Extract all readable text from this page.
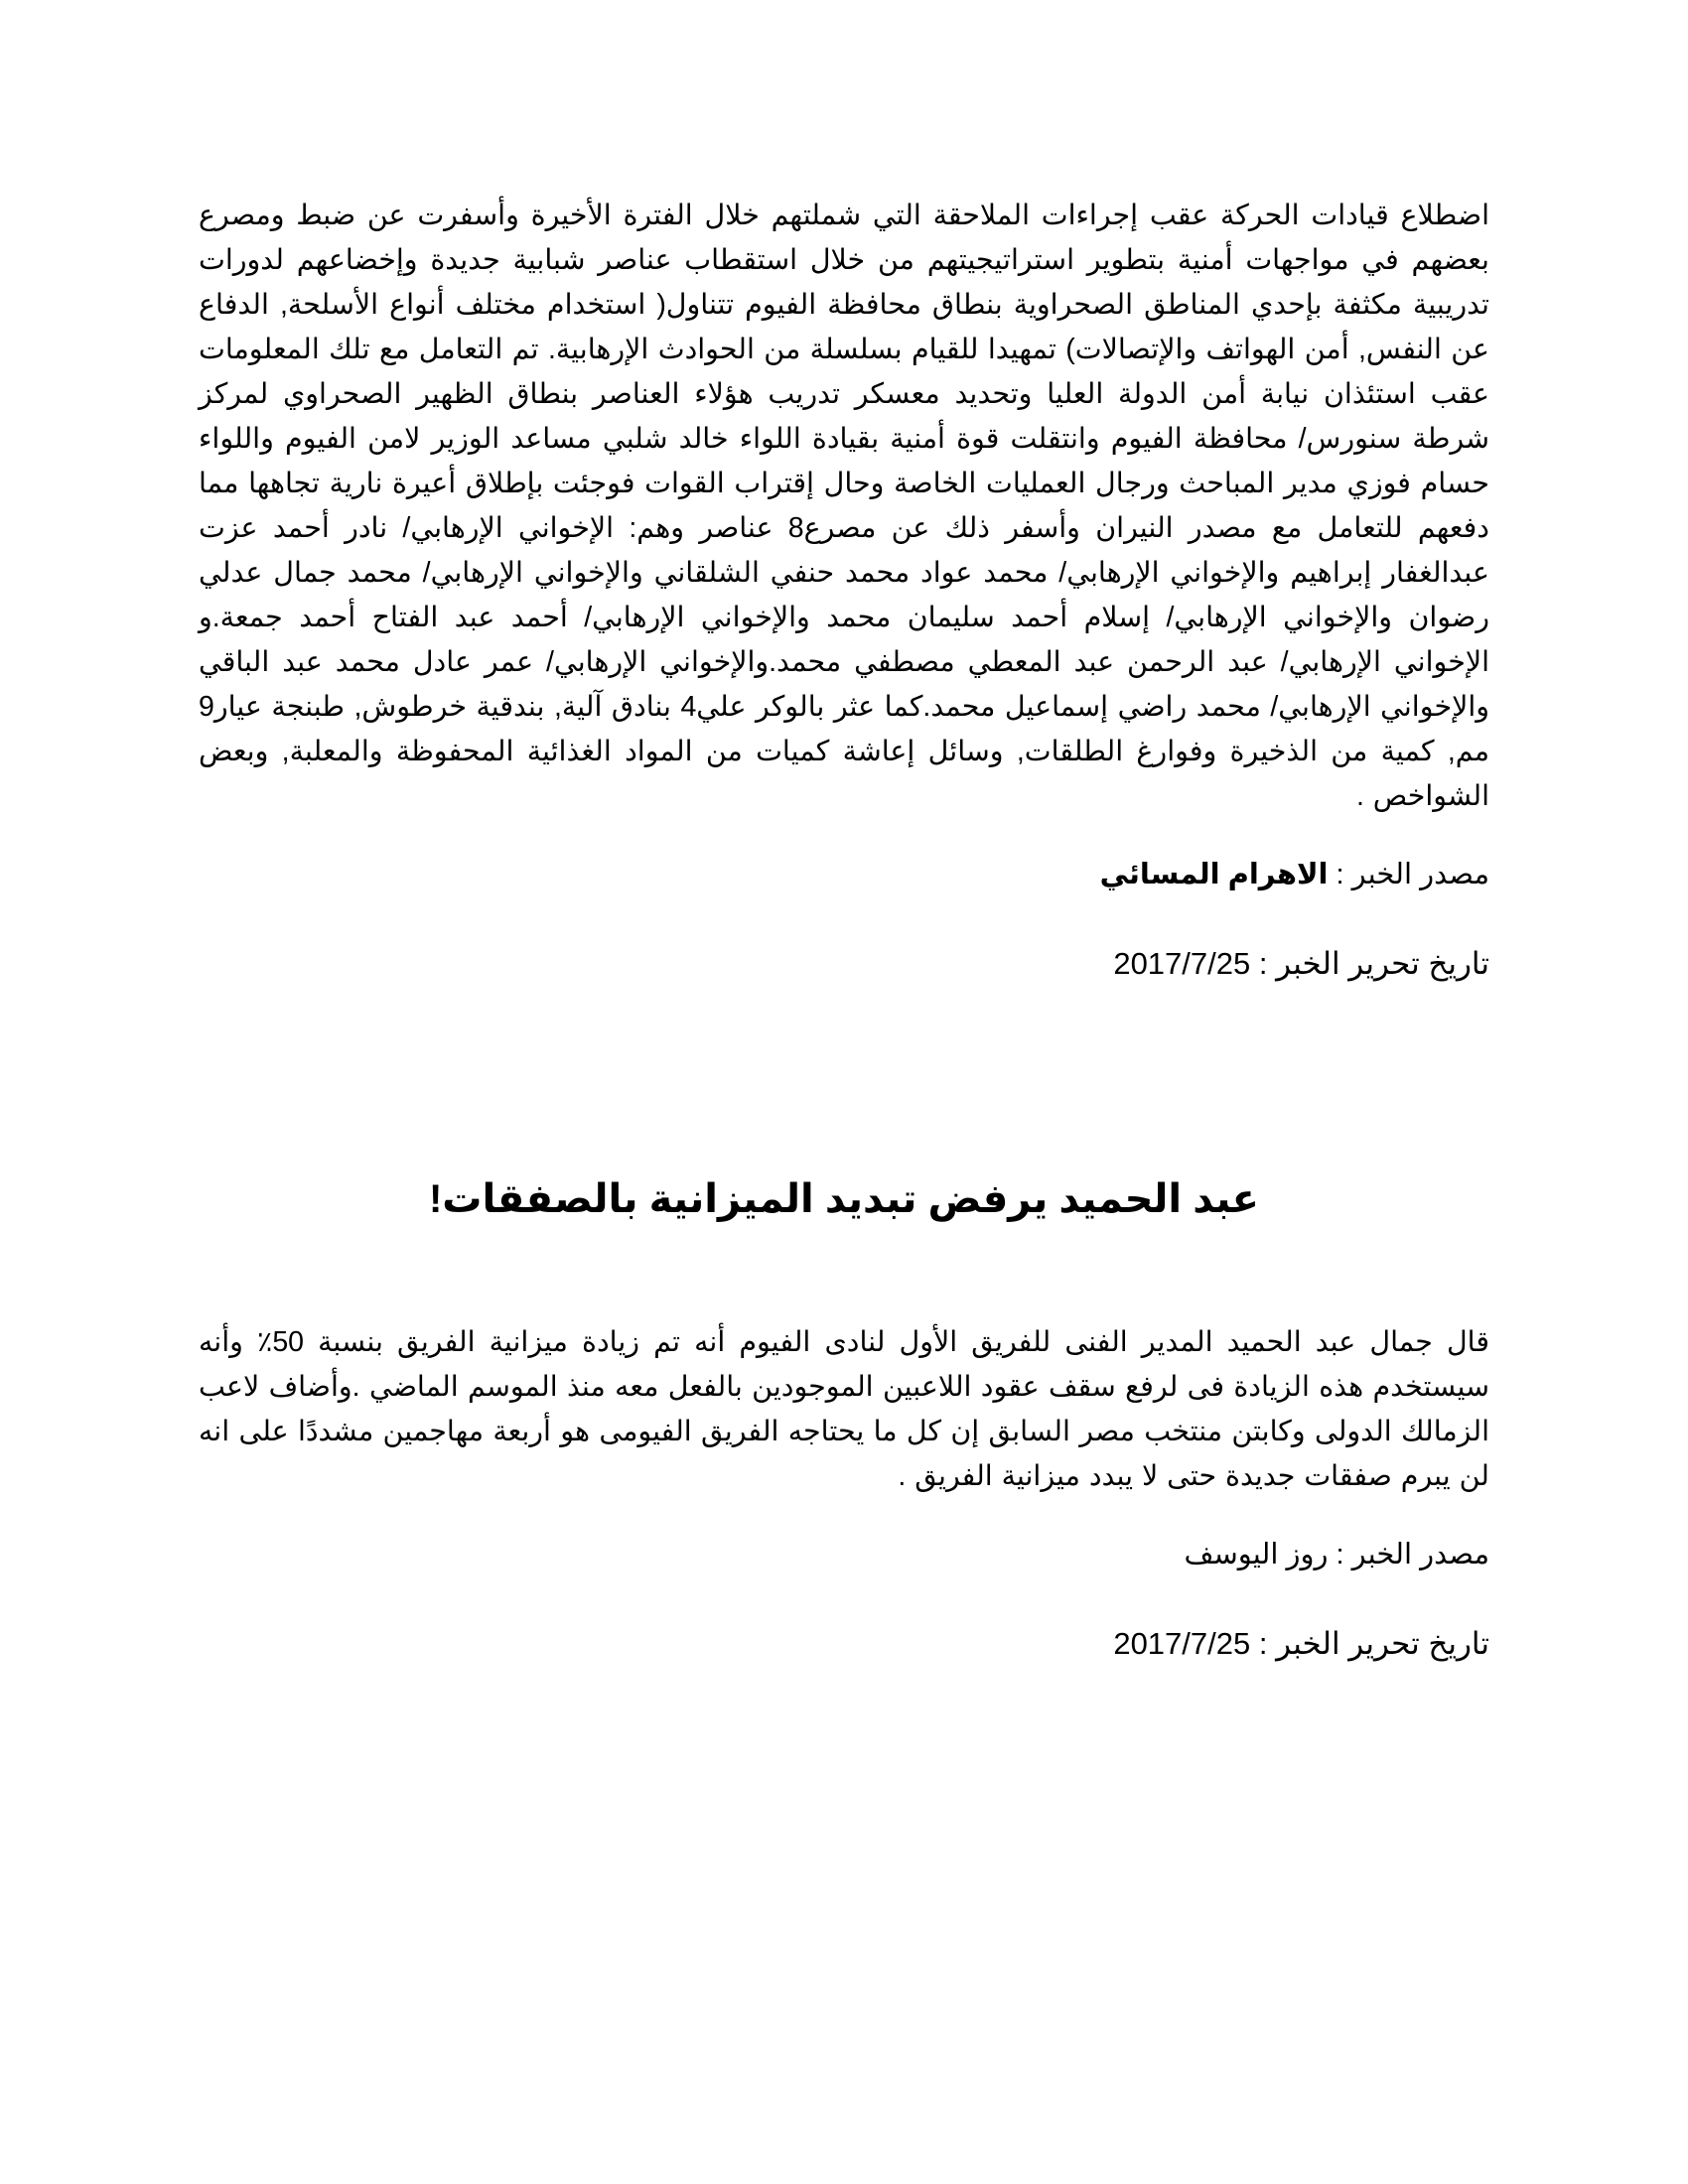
اضطلاع قيادات الحركة عقب إجراءات الملاحقة التي شملتهم خلال الفترة الأخيرة وأسفرت عن ضبط ومصرع بعضهم في مواجهات أمنية بتطوير استراتيجيتهم من خلال استقطاب عناصر شبابية جديدة وإخضاعهم لدورات تدريبية مكثفة بإحدي المناطق الصحراوية بنطاق محافظة الفيوم تتناول( استخدام مختلف أنواع الأسلحة, الدفاع عن النفس, أمن الهواتف والإتصالات) تمهيدا للقيام بسلسلة من الحوادث الإرهابية. تم التعامل مع تلك المعلومات عقب استئذان نيابة أمن الدولة العليا وتحديد معسكر تدريب هؤلاء العناصر بنطاق الظهير الصحراوي لمركز شرطة سنورس/ محافظة الفيوم وانتقلت قوة أمنية بقيادة اللواء خالد شلبي مساعد الوزير لامن الفيوم واللواء حسام فوزي مدير المباحث ورجال العمليات الخاصة وحال إقتراب القوات فوجئت بإطلاق أعيرة نارية تجاهها مما دفعهم للتعامل مع مصدر النيران وأسفر ذلك عن مصرع8 عناصر وهم: الإخواني الإرهابي/ نادر أحمد عزت عبدالغفار إبراهيم والإخواني الإرهابي/ محمد عواد محمد حنفي الشلقاني والإخواني الإرهابي/ محمد جمال عدلي رضوان والإخواني الإرهابي/ إسلام أحمد سليمان محمد والإخواني الإرهابي/ أحمد عبد الفتاح أحمد جمعة.و الإخواني الإرهابي/ عبد الرحمن عبد المعطي مصطفي محمد.والإخواني الإرهابي/ عمر عادل محمد عبد الباقي والإخواني الإرهابي/ محمد راضي إسماعيل محمد.كما عثر بالوكر علي4 بنادق آلية, بندقية خرطوش, طبنجة عيار9 مم, كمية من الذخيرة وفوارغ الطلقات, وسائل إعاشة كميات من المواد الغذائية المحفوظة والمعلبة, وبعض الشواخص .

مصدر الخبر : الاهرام المسائي

تاريخ تحرير الخبر : 2017/7/25

عبد الحميد يرفض تبديد الميزانية بالصفقات!

قال جمال عبد الحميد المدير الفنى للفريق الأول لنادى الفيوم أنه تم زيادة ميزانية الفريق بنسبة 50٪ وأنه سيستخدم هذه الزيادة فى لرفع سقف عقود اللاعبين الموجودين بالفعل معه منذ الموسم الماضي .وأضاف لاعب الزمالك الدولى وكابتن منتخب مصر السابق إن كل ما يحتاجه الفريق الفيومى هو أربعة مهاجمين مشددًا على انه لن يبرم صفقات جديدة حتى لا يبدد ميزانية الفريق .

مصدر الخبر : روز اليوسف

تاريخ تحرير الخبر : 2017/7/25
